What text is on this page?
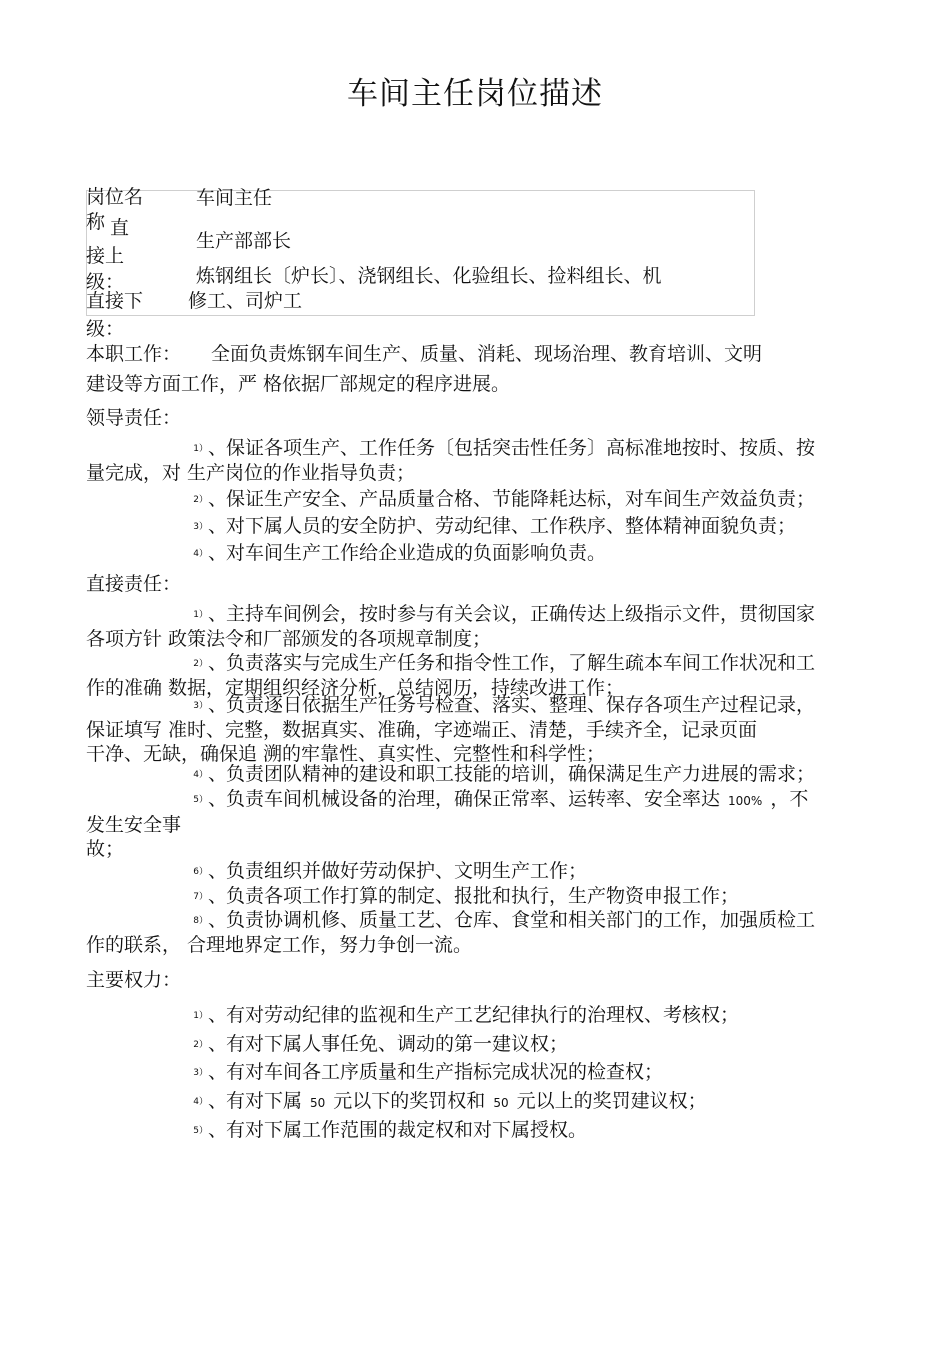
车间主任岗位描述
岗位名
称
车间主任
直
接上
级：
生产部部长
直接下
级：
炼钢组长〔炉长〕、浇钢组长、化验组长、捡料组长、机
修工、司炉工
本职工作： 全面负责炼钢车间生产、质量、消耗、现场治理、教育培训、文明
建设等方面工作，严 格依据厂部规定的程序进展。
领导责任：
1）、保证各项生产、工作任务〔包括突击性任务〕高标准地按时、按质、按
量完成，对 生产岗位的作业指导负责；
2）、保证生产安全、产品质量合格、节能降耗达标，对车间生产效益负责；
3）、对下属人员的安全防护、劳动纪律、工作秩序、整体精神面貌负责；
4）、对车间生产工作给企业造成的负面影响负责。
直接责任：
1）、主持车间例会，按时参与有关会议，正确传达上级指示文件，贯彻国家
各项方针 政策法令和厂部颁发的各项规章制度；
2）、负责落实与完成生产任务和指令性工作，了解生疏本车间工作状况和工
作的准确 数据，定期组织经济分析，总结阅历，持续改进工作；
3）、负责逐日依据生产任务号检查、落实、整理、保存各项生产过程记录，
保证填写 准时、完整，数据真实、准确，字迹端正、清楚，手续齐全，记录页面
干净、无缺，确保追 溯的牢靠性、真实性、完整性和科学性；
4）、负责团队精神的建设和职工技能的培训，确保满足生产力进展的需求；
5）、负责车间机械设备的治理，确保正常率、运转率、安全率达 100% ，不
发生安全事
故；
6）、负责组织并做好劳动保护、文明生产工作；
7）、负责各项工作打算的制定、报批和执行，生产物资申报工作；
8）、负责协调机修、质量工艺、仓库、食堂和相关部门的工作，加强质检工
作的联系， 合理地界定工作，努力争创一流。
主要权力：
1）、有对劳动纪律的监视和生产工艺纪律执行的治理权、考核权；
2）、有对下属人事任免、调动的第一建议权；
3）、有对车间各工序质量和生产指标完成状况的检查权；
4）、有对下属 50 元以下的奖罚权和 50 元以上的奖罚建议权；
5）、有对下属工作范围的裁定权和对下属授权。
